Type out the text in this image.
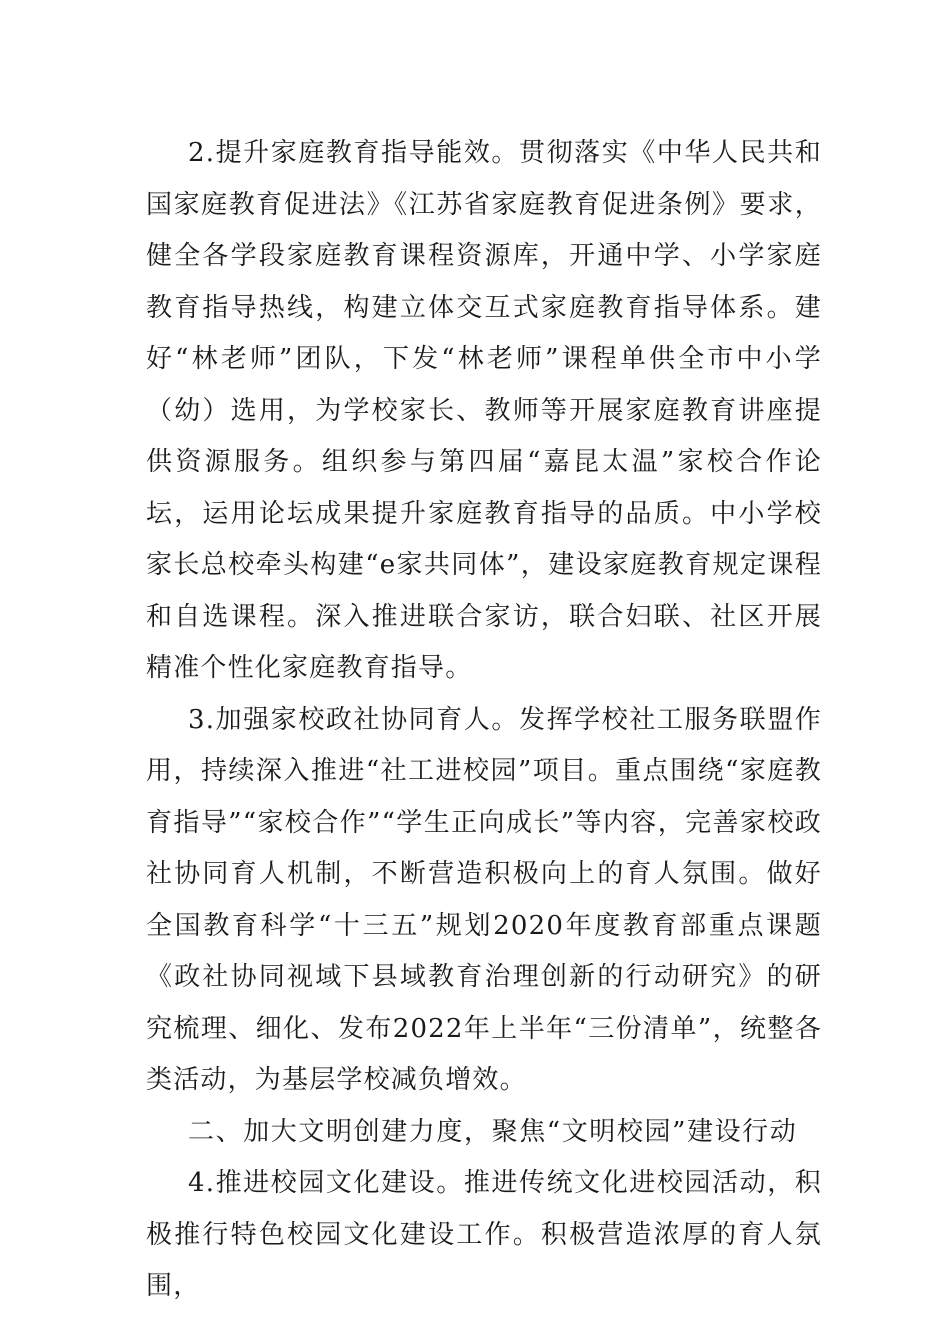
2.提升家庭教育指导能效。贯彻落实《中华人民共和国家庭教育促进法》《江苏省家庭教育促进条例》要求，健全各学段家庭教育课程资源库，开通中学、小学家庭教育指导热线，构建立体交互式家庭教育指导体系。建好“林老师”团队，下发“林老师”课程单供全市中小学（幼）选用，为学校家长、教师等开展家庭教育讲座提供资源服务。组织参与第四届“嘉昆太温”家校合作论坛，运用论坛成果提升家庭教育指导的品质。中小学校家长总校牵头构建“e家共同体”，建设家庭教育规定课程和自选课程。深入推进联合家访，联合妇联、社区开展精准个性化家庭教育指导。

3.加强家校政社协同育人。发挥学校社工服务联盟作用，持续深入推进“社工进校园”项目。重点围绕“家庭教育指导”“家校合作”“学生正向成长”等内容，完善家校政社协同育人机制，不断营造积极向上的育人氛围。做好全国教育科学“十三五”规划2020年度教育部重点课题《政社协同视域下县域教育治理创新的行动研究》的研究梳理、细化、发布2022年上半年“三份清单”，统整各类活动，为基层学校减负增效。

二、加大文明创建力度，聚焦“文明校园”建设行动

4.推进校园文化建设。推进传统文化进校园活动，积极推行特色校园文化建设工作。积极营造浓厚的育人氛围，
